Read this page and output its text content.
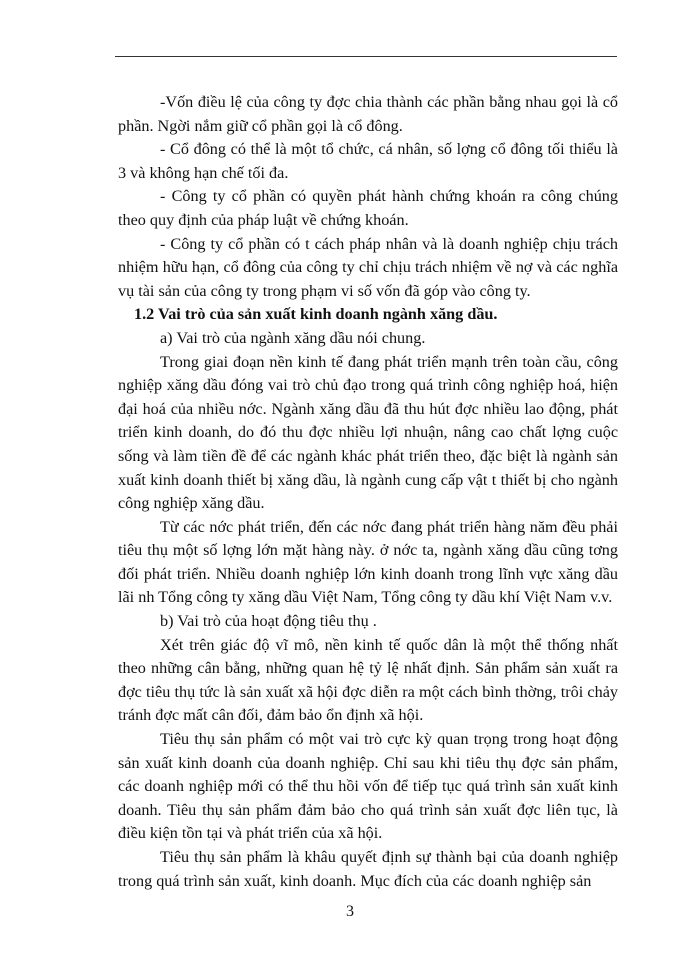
-Vốn điều lệ của công ty đợc chia thành các phần bằng nhau gọi là cổ phần. Ngời nắm giữ cổ phần gọi là cổ đông.

- Cổ đông có thể là một tổ chức, cá nhân, số lợng cổ đông tối thiểu là 3 và không hạn chế tối đa.

- Công ty cổ phần có quyền phát hành chứng khoán ra công chúng theo quy định của pháp luật về chứng khoán.

- Công ty cổ phần có t cách pháp nhân và là doanh nghiệp chịu trách nhiệm hữu hạn, cổ đông của công ty chỉ chịu trách nhiệm về nợ và các nghĩa vụ tài sản của công ty trong phạm vi số vốn đã góp vào công ty.

1.2 Vai trò của sản xuất kinh doanh ngành xăng dầu.

a) Vai trò của ngành xăng dầu nói chung.

Trong giai đoạn nền kinh tế đang phát triển mạnh trên toàn cầu, công nghiệp xăng dầu đóng vai trò chủ đạo trong quá trình công nghiệp hoá, hiện đại hoá của nhiều nớc. Ngành xăng dầu đã thu hút đợc nhiều lao động, phát triển kinh doanh, do đó thu đợc nhiều lợi nhuận, nâng cao chất lợng cuộc sống và làm tiền đề để các ngành khác phát triển theo, đặc biệt là ngành sản xuất kinh doanh thiết bị xăng dầu, là ngành cung cấp vật t thiết bị cho ngành công nghiệp xăng dầu.

Từ các nớc phát triển, đến các nớc đang phát triển hàng năm đều phải tiêu thụ một số lợng lớn mặt hàng này. ở nớc ta, ngành xăng dầu cũng tơng đối phát triển. Nhiều doanh nghiệp lớn kinh doanh trong lĩnh vực xăng dầu lãi nh Tổng công ty xăng dầu Việt Nam, Tổng công ty dầu khí Việt Nam v.v.

b) Vai trò của hoạt động tiêu thụ .

Xét trên giác độ vĩ mô, nền kinh tế quốc dân là một thể thống nhất theo những cân bằng, những quan hệ tỷ lệ nhất định. Sản phẩm sản xuất ra đợc tiêu thụ tức là sản xuất xã hội đợc diễn ra một cách bình thờng, trôi chảy tránh đợc mất cân đối, đảm bảo ổn định xã hội.

Tiêu thụ sản phẩm có một vai trò cực kỳ quan trọng trong hoạt động sản xuất kinh doanh của doanh nghiệp. Chỉ sau khi tiêu thụ đợc sản phẩm, các doanh nghiệp mới có thể thu hồi vốn để tiếp tục quá trình sản xuất kinh doanh. Tiêu thụ sản phẩm đảm bảo cho quá trình sản xuất đợc liên tục, là điều kiện tồn tại và phát triển của xã hội.

Tiêu thụ sản phẩm là khâu quyết định sự thành bại của doanh nghiệp trong quá trình sản xuất, kinh doanh. Mục đích của các doanh nghiệp sản

3
